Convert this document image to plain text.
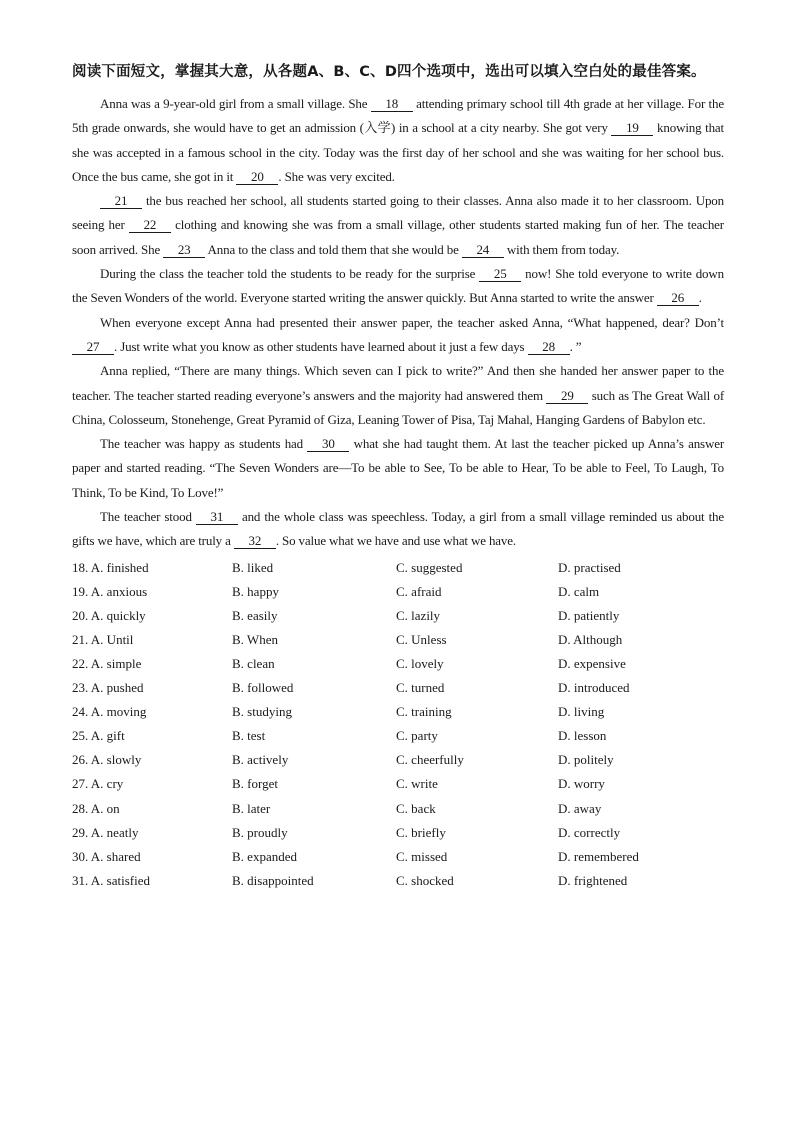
阅读下面短文，掌握其大意，从各题A、B、C、D四个选项中，选出可以填入空白处的最佳答案。

Anna was a 9-year-old girl from a small village. She 18 attending primary school till 4th grade at her village. For the 5th grade onwards, she would have to get an admission (入学) in a school at a city nearby. She got very 19 knowing that she was accepted in a famous school in the city. Today was the first day of her school and she was waiting for her school bus. Once the bus came, she got in it 20 . She was very excited.

21 the bus reached her school, all students started going to their classes. Anna also made it to her classroom. Upon seeing her 22 clothing and knowing she was from a small village, other students started making fun of her. The teacher soon arrived. She 23 Anna to the class and told them that she would be 24 with them from today.

During the class the teacher told the students to be ready for the surprise 25 now! She told everyone to write down the Seven Wonders of the world. Everyone started writing the answer quickly. But Anna started to write the answer 26 .

When everyone except Anna had presented their answer paper, the teacher asked Anna, “What happened, dear? Don’t 27 . Just write what you know as other students have learned about it just a few days 28 . ”

Anna replied, “There are many things. Which seven can I pick to write?” And then she handed her answer paper to the teacher. The teacher started reading everyone’s answers and the majority had answered them 29 such as The Great Wall of China, Colosseum, Stonehenge, Great Pyramid of Giza, Leaning Tower of Pisa, Taj Mahal, Hanging Gardens of Babylon etc.

The teacher was happy as students had 30 what she had taught them. At last the teacher picked up Anna’s answer paper and started reading. “The Seven Wonders are—To be able to See, To be able to Hear, To be able to Feel, To Laugh, To Think, To be Kind, To Love!”

The teacher stood 31 and the whole class was speechless. Today, a girl from a small village reminded us about the gifts we have, which are truly a 32 . So value what we have and use what we have.

18. A. finished	B. liked	C. suggested	D. practised
19. A. anxious	B. happy	C. afraid	D. calm
20. A. quickly	B. easily	C. lazily	D. patiently
21. A. Until	B. When	C. Unless	D. Although
22. A. simple	B. clean	C. lovely	D. expensive
23. A. pushed	B. followed	C. turned	D. introduced
24. A. moving	B. studying	C. training	D. living
25. A. gift	B. test	C. party	D. lesson
26. A. slowly	B. actively	C. cheerfully	D. politely
27. A. cry	B. forget	C. write	D. worry
28. A. on	B. later	C. back	D. away
29. A. neatly	B. proudly	C. briefly	D. correctly
30. A. shared	B. expanded	C. missed	D. remembered
31. A. satisfied	B. disappointed	C. shocked	D. frightened
